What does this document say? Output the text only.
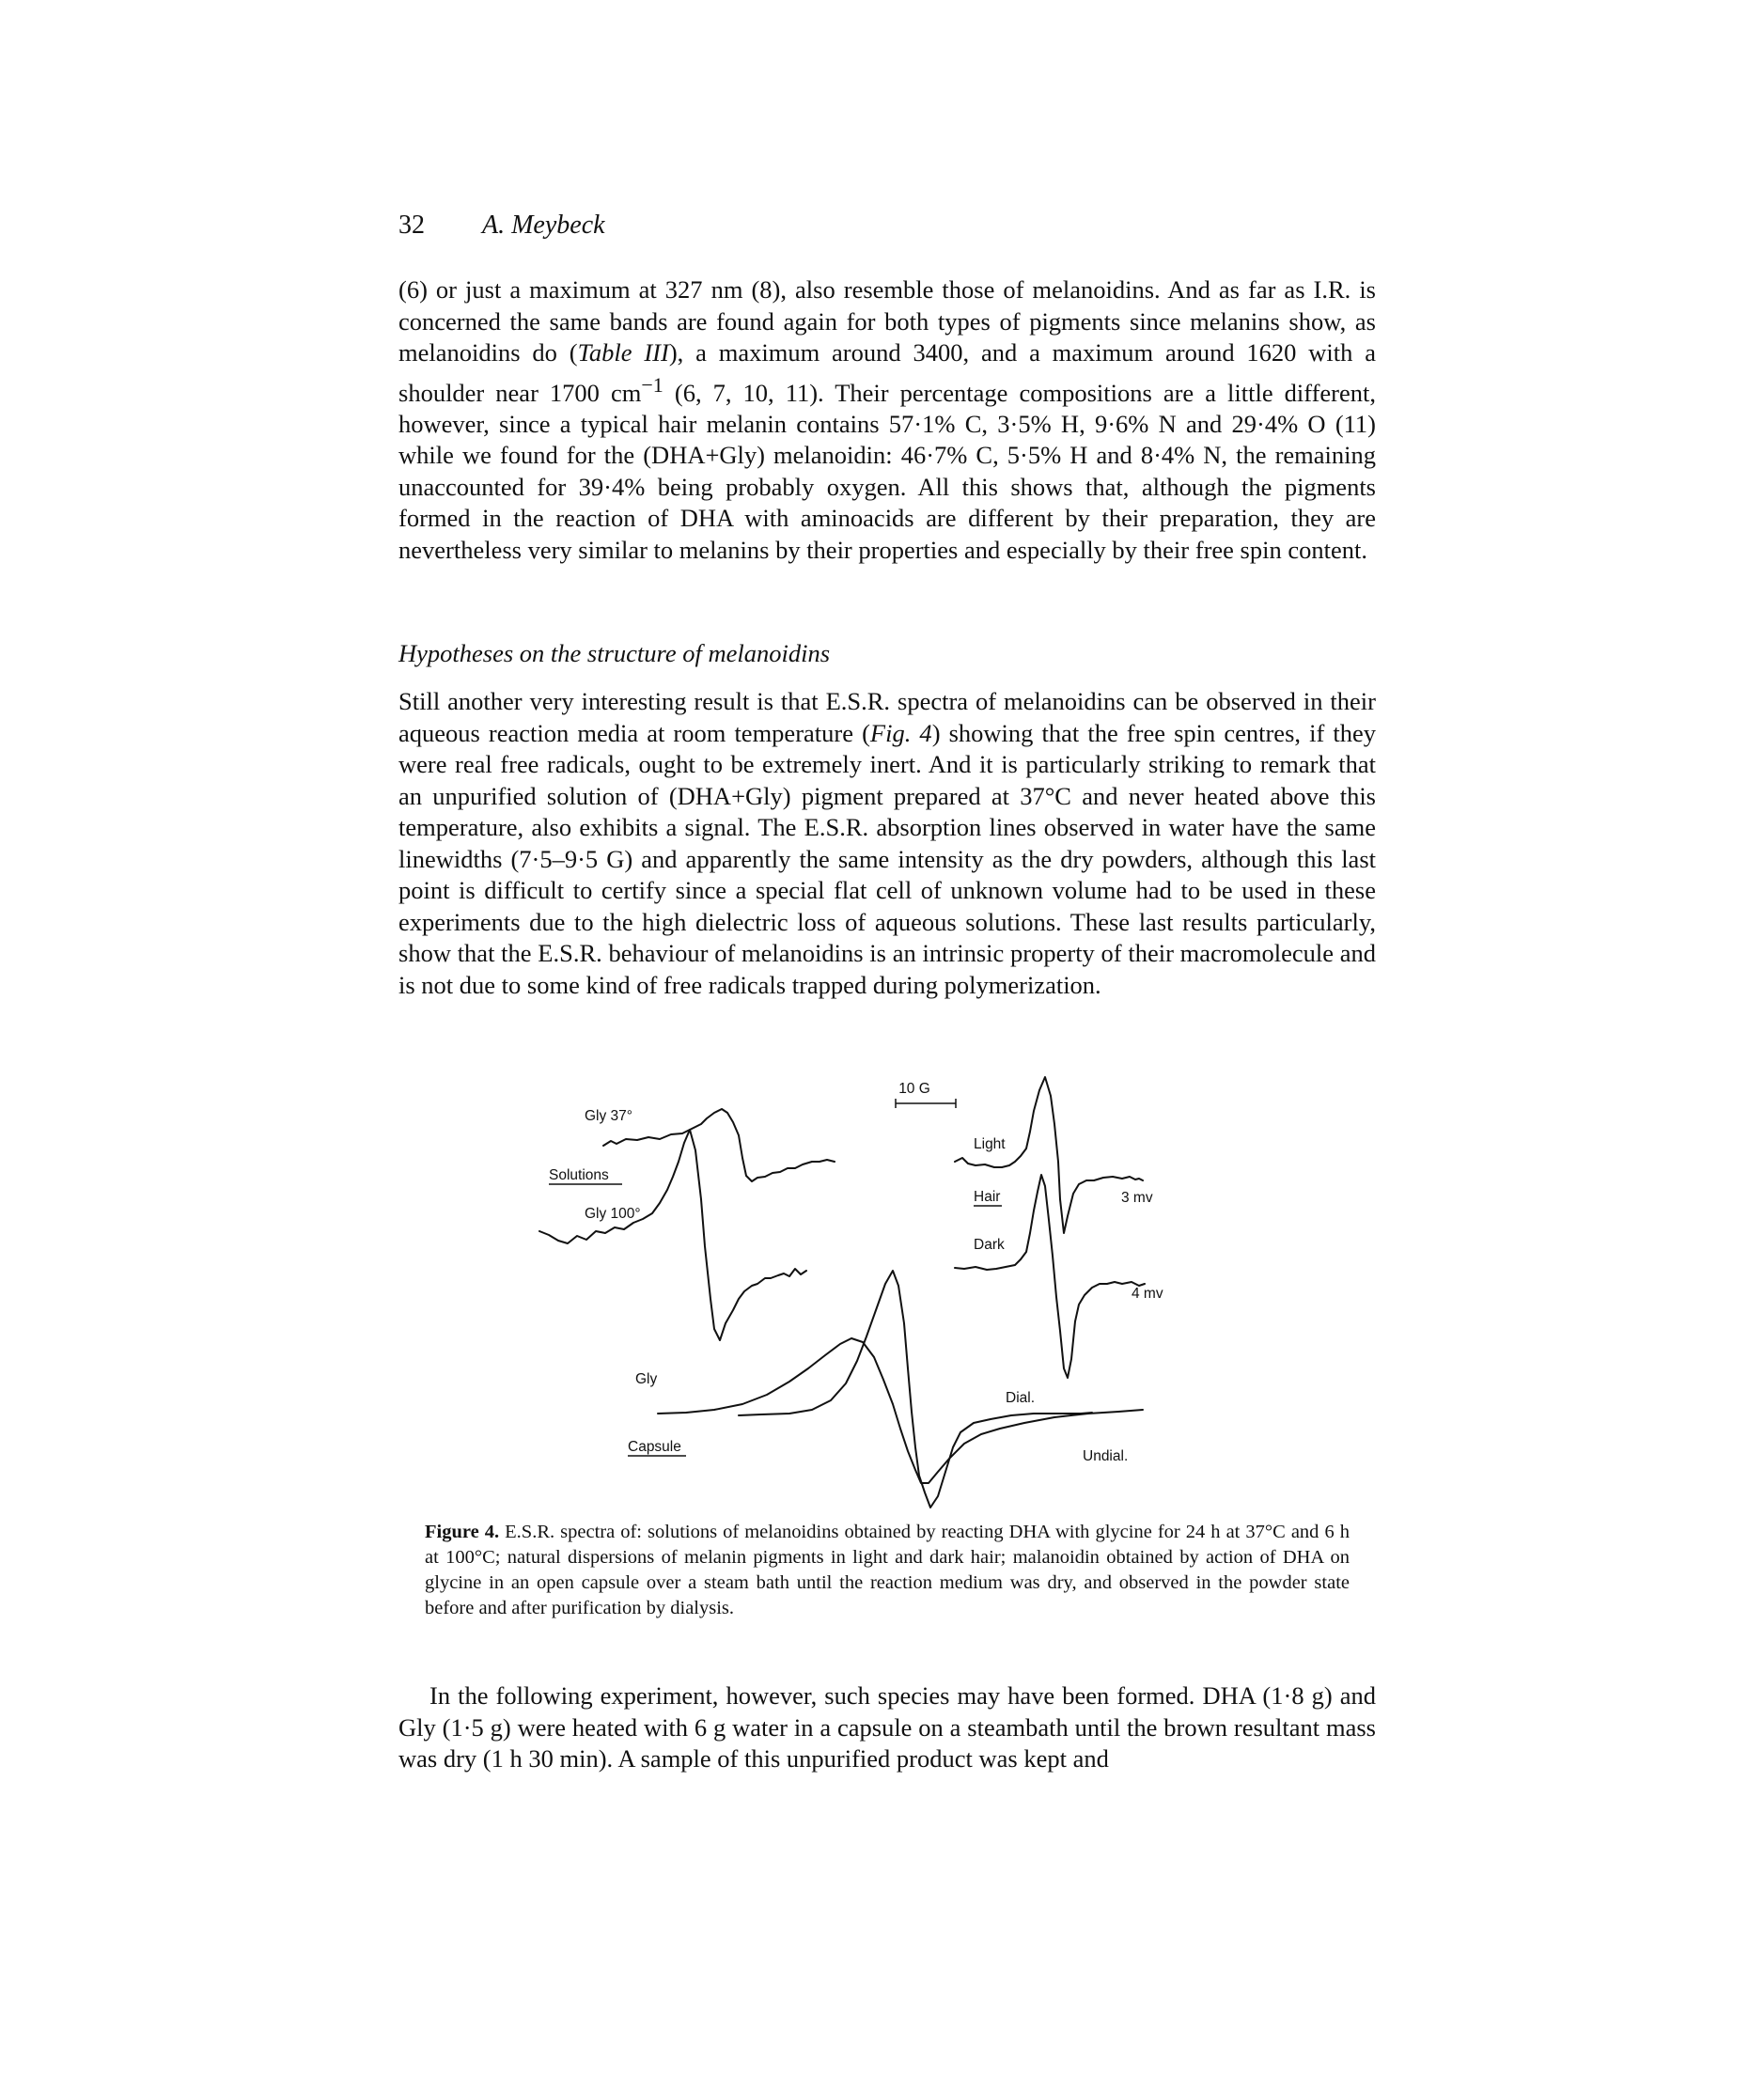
32 A. Meybeck

(6) or just a maximum at 327 nm (8), also resemble those of melanoidins. And as far as I.R. is concerned the same bands are found again for both types of pigments since melanins show, as melanoidins do (Table III), a maximum around 3400, and a maximum around 1620 with a shoulder near 1700 $cm^{-1}$ (6, 7, 10, 11). Their percentage compositions are a little different, however, since a typical hair melanin contains 57·1% C, 3·5% H, 9·6% N and 29·4% O (11) while we found for the (DHA+Gly) melanoidin: 46·7% C, 5·5% H and 8·4% N, the remaining unaccounted for 39·4% being probably oxygen. All this shows that, although the pigments formed in the reaction of DHA with aminoacids are different by their preparation, they are nevertheless very similar to melanins by their properties and especially by their free spin content.

Hypotheses on the structure of melanoidins

Still another very interesting result is that E.S.R. spectra of melanoidins can be observed in their aqueous reaction media at room temperature (Fig. 4) showing that the free spin centres, if they were real free radicals, ought to be extremely inert. And it is particularly striking to remark that an unpurified solution of (DHA+Gly) pigment prepared at 37°C and never heated above this temperature, also exhibits a signal. The E.S.R. absorption lines observed in water have the same linewidths (7·5–9·5 G) and apparently the same intensity as the dry powders, although this last point is difficult to certify since a special flat cell of unknown volume had to be used in these experiments due to the high dielectric loss of aqueous solutions. These last results particularly, show that the E.S.R. behaviour of melanoidins is an intrinsic property of their macromolecule and is not due to some kind of free radicals trapped during polymerization.

10 G
Gly 37°
Solutions
Gly 100°
Light
3 mv
Hair
Dark
4 mv
Gly
Capsule
Dial.
Undial.
Figure 4. E.S.R. spectra of: solutions of melanoidins obtained by reacting DHA with glycine for 24 h at 37°C and 6 h at 100°C; natural dispersions of melanin pigments in light and dark hair; malanoidin obtained by action of DHA on glycine in an open capsule over a steam bath until the reaction medium was dry, and observed in the powder state before and after purification by dialysis.

In the following experiment, however, such species may have been formed. DHA (1·8 g) and Gly (1·5 g) were heated with 6 g water in a capsule on a steambath until the brown resultant mass was dry (1 h 30 min). A sample of this unpurified product was kept and
